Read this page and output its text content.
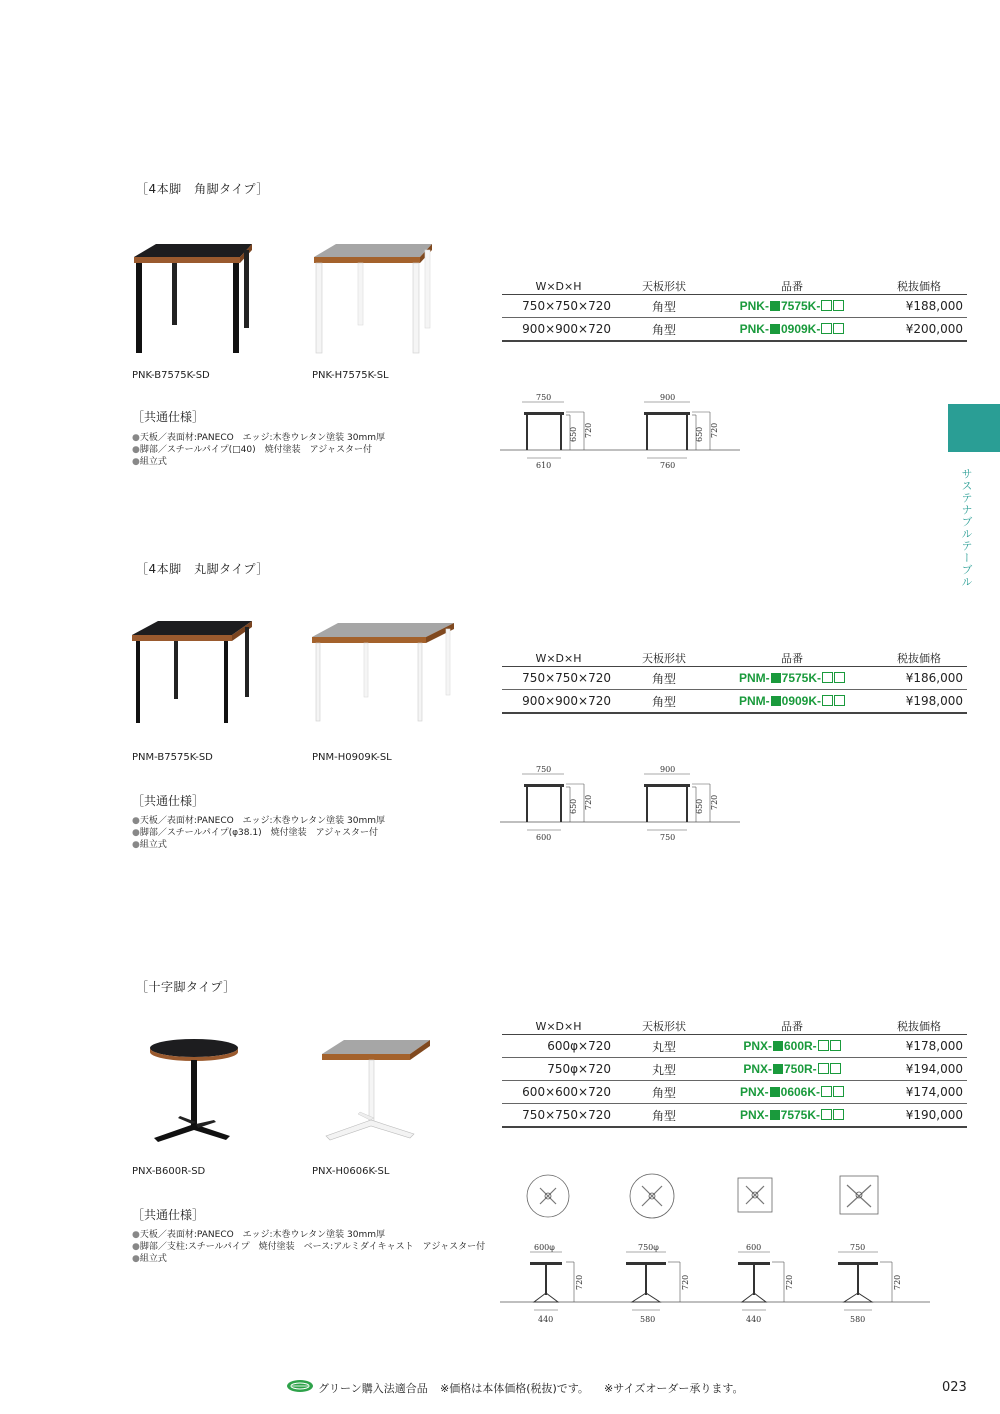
サステナブルテーブル
［4本脚　角脚タイプ］
PNK-B7575K-SD	PNK-H7575K-SL
［共通仕様］
●天板／表面材:PANECO　エッジ:木巻ウレタン塗装 30mm厚
●脚部／スチールパイプ(□40)　焼付塗装　アジャスター付
●組立式
W×D×H	天板形状	品番	税抜価格
750×750×720	角型	PNK- 7575K-	¥188,000
900×900×720	角型	PNK- 0909K-	¥200,000
750
650 720
610
900
650 720
760
［4本脚　丸脚タイプ］
PNM-B7575K-SD	PNM-H0909K-SL
［共通仕様］
●天板／表面材:PANECO　エッジ:木巻ウレタン塗装 30mm厚
●脚部／スチールパイプ(φ38.1)　焼付塗装　アジャスター付
●組立式
W×D×H	天板形状	品番	税抜価格
750×750×720	角型	PNM- 7575K-	¥186,000
900×900×720	角型	PNM- 0909K-	¥198,000
750
650 720
600
900
650 720
750
［十字脚タイプ］
PNX-B600R-SD	PNX-H0606K-SL
［共通仕様］
●天板／表面材:PANECO　エッジ:木巻ウレタン塗装 30mm厚
●脚部／支柱:スチールパイプ　焼付塗装　ベース:アルミダイキャスト　アジャスター付
●組立式
W×D×H	天板形状	品番	税抜価格
600φ×720	丸型	PNX- 600R-	¥178,000
750φ×720	丸型	PNX- 750R-	¥194,000
600×600×720	角型	PNX- 0606K-	¥174,000
750×750×720	角型	PNX- 7575K-	¥190,000
600φ
720
440
750φ
720
580
600
720
440
750
720
580
グリーン購入法適合品 ※価格は本体価格(税抜)です。 ※サイズオーダー承ります。	023
